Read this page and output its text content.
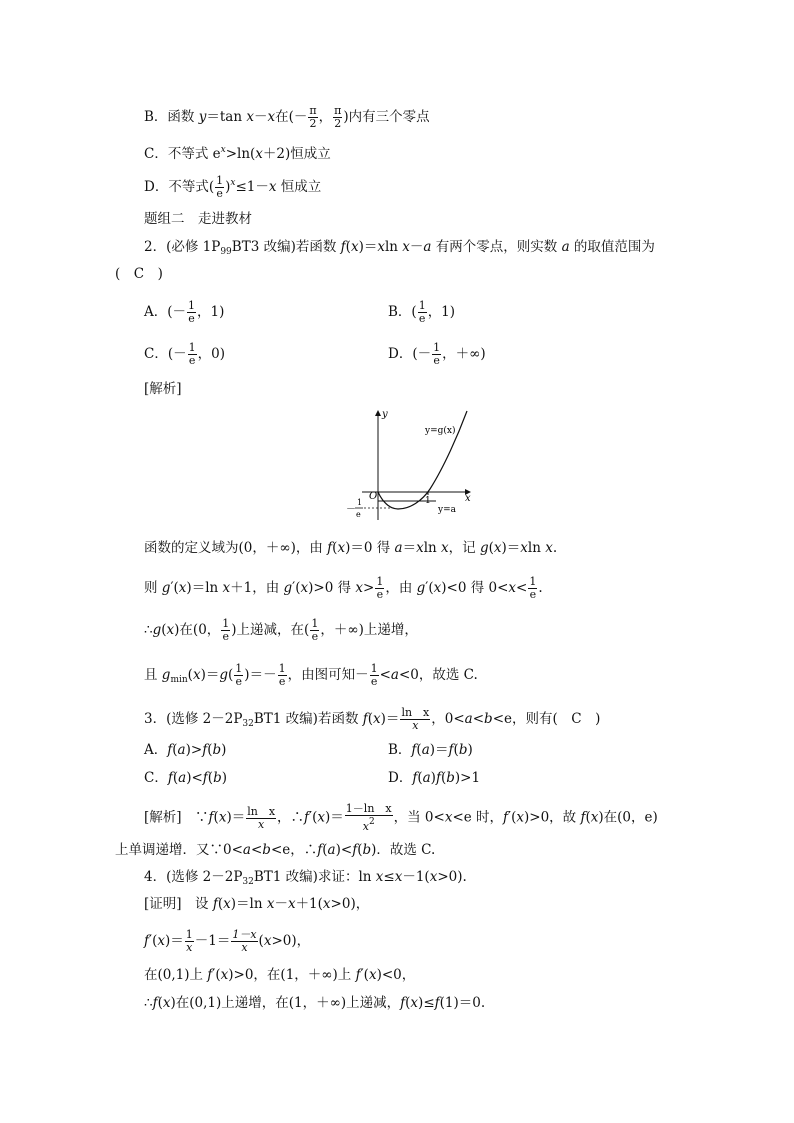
B．函数 y＝tan x－x在(－ $\frac{\pi}{2}$ ， $\frac{\pi}{2}$ )内有三个零点
C．不等式 $e^x>\ln(x+2)$恒成立
D．不等式( $\frac{1}{e} )^x\le 1-x$ 恒成立
题组二　走进教材
2．(必修 $1P_{99}BT3$ 改编)若函数 f(x)＝xln x－a 有两个零点，则实数 a 的取值范围为
(　C　)
A．(－ $\frac{1}{e}$ ，1)	B．( $\frac{1}{e}$ ，1)
C．(－ $\frac{1}{e}$ ，0)	D．(－ $\frac{1}{e}$ ，＋∞)
[解析]
y
y=g(x)
O	x
1
y=a
－
1
e
函数的定义域为(0，＋∞)，由 f(x)＝0 得 a＝xln x，记 g(x)＝xln x.
则 g′(x)＝ln x＋1，由 g′(x)>0 得 $x> \frac{1}{e}$ ，由 g′(x)<0 得 $0<x< \frac{1}{e}$ .
∴g(x)在(0， $\frac{1}{e}$ )上递减，在( $\frac{1}{e}$ ，＋∞)上递增，
且 $g_{min}(x)=g( \frac{1}{e}$ )＝－ $\frac{1}{e}$ ，由图可知－ $\frac{1}{e} <a<0$，故选 C.
3．(选修 $2-2P_{32}BT1$ 改编)若函数 $f(x)= \frac{\text{ln　x}}{x}$ ，0<a<b<e，则有(　C　)
A．f(a)>f(b)	B．f(a)＝f(b)
C．f(a)<f(b)	D．f(a)f(b)>1
[解析]　∵f(x)＝ $\frac{\text{ln　x}}{x}$ ，∴f′(x)＝ $\frac{\text{1－ln　x}}{x^2}$ ，当 0<x<e 时，f′(x)>0，故 f(x)在(0，e)
上单调递增．又∵0<a<b<e，∴f(a)<f(b)．故选 C.
4．(选修 $2-2P_{32}BT1$ 改编)求证：ln x≤x－1(x>0).
[证明]　设 f(x)＝ln x－x＋1(x>0)，
$f'(x)= \frac{1}{x} -1= \frac{1-x}{x} (x>0)$，
在(0,1)上 f′(x)>0，在(1，＋∞)上 f′(x)<0，
∴f(x)在(0,1)上递增，在(1，＋∞)上递减，f(x)≤f(1)＝0.
